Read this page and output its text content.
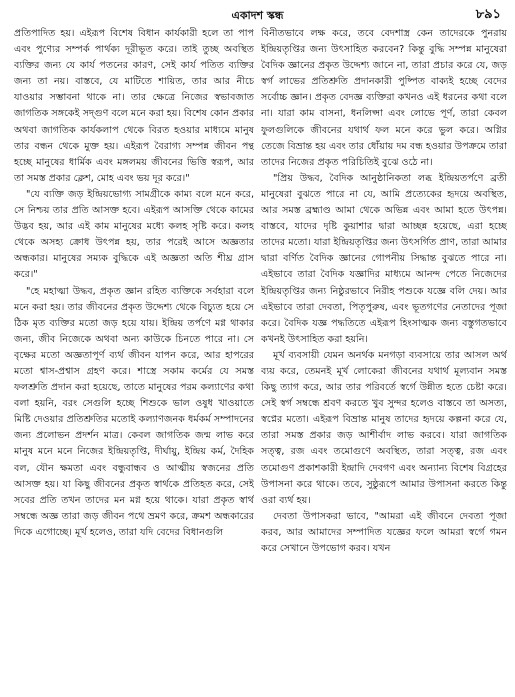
একাদশ স্কন্ধ	৮৯১

প্রতিপাদিত হয়। এইরূপ বিশেষ বিধান কার্যকারী হলে তা পাপ এবং পুণ্যের সম্পর্ক পার্থক্য দূরীভূত করে। তাই তুচ্ছ অবস্থিত ব্যক্তির জন্য যে কার্য পতনের কারণ, সেই কার্য পতিত ব্যক্তির জন্য তা নয়। বাস্তবে, যে মাটিতে শায়িত, তার আর নীচে যাওয়ার সম্ভাবনা থাকে না। তার ক্ষেত্রে নিজের স্বভাবজাত জাগতিক সঙ্গকেই সদ্গুণ বলে মনে করা হয়। বিশেষ কোন প্রকার অথবা জাগতিক কার্যকলাপ থেকে বিরত হওয়ার মাধ্যমে মানুষ তার বন্ধন থেকে মুক্ত হয়। এইরূপ বৈরাগ্য সম্পন্ন জীবন পন্থ হচ্ছে মানুষের ধার্মিক এবং মঙ্গলময় জীবনের ভিত্তি স্বরূপ, আর তা সমস্ত প্রকার ক্লেশ, মোহ এবং ভয় দূর করে।"

"যে ব্যক্তি জড় ইন্দ্রিয়ভোগ্য সামগ্রীকে কাম্য বলে মনে করে, সে নিশ্চয় তার প্রতি আসক্ত হবে। এইরূপ আসক্তি থেকে কামের উদ্ভব হয়, আর এই কাম মানুষের মধ্যে কলহ সৃষ্টি করে। কলহ থেকে অসহ্য ক্রোধ উৎপন্ন হয়, তার পরেই আসে অজ্ঞতার অন্ধকার। মানুষের সম্যক বুদ্ধিকে এই অজ্ঞতা অতি শীঘ্র গ্রাস করে।"

"হে মহাত্মা উদ্ধব, প্রকৃত জ্ঞান রহিত ব্যক্তিকে সর্বহারা বলে মনে করা হয়। তার জীবনের প্রকৃত উদ্দেশ্য থেকে বিচ্যুত হয়ে সে ঠিক মৃত ব্যক্তির মতো জড় হয়ে যায়। ইন্দ্রিয় তর্পণে মগ্ন থাকার জন্য, জীব নিজেকে অথবা অন্য কাউকে চিনতে পারে না। সে বৃক্ষের মতো অজ্ঞতাপূর্ণ ব্যর্থ জীবন যাপন করে, আর হাপরের মতো শ্বাস-প্রশ্বাস গ্রহণ করে। শাস্ত্রে সকাম কর্মের যে সমস্ত ফলশ্রুতি প্রদান করা হয়েছে, তাতে মানুষের পরম কল্যাণের কথা বলা হয়নি, বরং সেগুলি হচ্ছে শিশুকে ভাল ওষুধ খাওয়াতে মিষ্টি দেওয়ার প্রতিশ্রুতির মতোই কল্যাণজনক ধর্মকর্ম সম্পাদনের জন্য প্রলোভন প্রদর্শন মাত্র। কেবল জাগতিক জন্ম লাভ করে মানুষ মনে মনে নিজের ইন্দ্রিয়তৃপ্তি, দীর্ঘায়ু, ইন্দ্রিয় কর্ম, দৈহিক বল, যৌন ক্ষমতা এবং বন্ধুবান্ধব ও আত্মীয় স্বজনের প্রতি আসক্ত হয়। যা কিছু জীবনের প্রকৃত স্বার্থকে প্রতিহত করে, সেই সবের প্রতি তখন তাদের মন মগ্ন হয়ে থাকে। যারা প্রকৃত স্বার্থ সম্বন্ধে অজ্ঞ তারা জড় জীবন পথে ভ্রমণ করে, ক্রমশ অন্ধকারের দিকে এগোচ্ছে। মূর্খ হলেও, তারা যদি বেদের বিধানগুলি

বিনীতভাবে লক্ষ করে, তবে বেদশাস্ত্র কেন তাদেরকে পুনরায় ইন্দ্রিয়তৃপ্তির জন্য উৎসাহিত করবেন? কিন্তু বুদ্ধি সম্পন্ন মানুষেরা বৈদিক জ্ঞানের প্রকৃত উদ্দেশ্য জানে না, তারা প্রচার করে যে, জড় স্বর্গ লাভের প্রতিশ্রুতি প্রদানকারী পুষ্পিত বাক্যই হচ্ছে বেদের সর্বোচ্চ জ্ঞান। প্রকৃত বেদজ্ঞ ব্যক্তিরা কখনও এই ধরনের কথা বলে না। যারা কাম বাসনা, ধনলিপ্সা এবং লোভে পূর্ণ, তারা কেবল ফুলগুলিকে জীবনের যথার্থ ফল মনে করে ভুল করে। অগ্নির তেজে বিভ্রান্ত হয় এবং তার ধোঁয়ায় দম বন্ধ হওয়ার উপক্রমে তারা তাদের নিজের প্রকৃত পরিচিতিই বুঝে ওঠে না।

"প্রিয় উদ্ধব, বৈদিক আনুষ্ঠানিকতা লব্ধ ইন্দ্রিয়তর্পণে ব্রতী মানুষেরা বুঝতে পারে না যে, আমি প্রত্যেকের হৃদয়ে অবস্থিত, আর সমস্ত ব্রহ্মাণ্ড আমা থেকে অভিন্ন এবং আমা হতে উৎপন্ন। বাস্তবে, যাদের দৃষ্টি কুয়াশার দ্বারা আচ্ছন্ন হয়েছে, এরা হচ্ছে তাদের মতো। যারা ইন্দ্রিয়তৃপ্তির জন্য উৎসর্গিত প্রাণ, তারা আমার দ্বারা বর্ণিত বৈদিক জ্ঞানের গোপনীয় সিদ্ধান্ত বুঝতে পারে না। এইভাবে তারা বৈদিক যজ্ঞাদির মাধ্যমে আনন্দ পেতে নিজেদের ইন্দ্রিয়তৃপ্তির জন্য নিষ্ঠুরভাবে নিরীহ পশুকে যজ্ঞে বলি দেয়। আর এইভাবে তারা দেবতা, পিতৃপুরুষ, এবং ভূতগণের নেতাদের পূজা করে। বৈদিক যজ্ঞ পদ্ধতিতে এইরূপ হিংসাত্মক জন্য বস্তুগতভাবে কখনই উৎসাহিত করা হয়নি।

মূর্খ ব্যবসায়ী যেমন অনর্থক মনগড়া ব্যবসায়ে তার আসল অর্থ ব্যয় করে, তেমনই মূর্খ লোকেরা জীবনের যথার্থ মূল্যবান সমস্ত কিছু ত্যাগ করে, আর তার পরিবর্তে স্বর্গে উন্নীত হতে চেষ্টা করে। সেই স্বর্গ সম্বন্ধে শ্রবণ করতে খুব সুন্দর হলেও বাস্তবে তা অসত্য, স্বপ্নের মতো। এইরূপ বিভ্রান্ত মানুষ তাদের হৃদয়ে কল্পনা করে যে, তারা সমস্ত প্রকার জড় আশীর্বাদ লাভ করবে। যারা জাগতিক সত্ত্ব, রজ এবং তমোগুণে অবস্থিত, তারা সত্ত্ব, রজ এবং তমোগুণ প্রকাশকারী ইন্দ্রাদি দেবগণ এবং অন্যান্য বিশেষ বিগ্রহের উপাসনা করে থাকে। তবে, সুষ্ঠুরূপে আমার উপাসনা করতে কিন্তু ওরা ব্যর্থ হয়।

দেবতা উপাসকরা ভাবে, "আমরা এই জীবনে দেবতা পূজা করব, আর আমাদের সম্পাদিত যজ্ঞের ফলে আমরা স্বর্গে গমন করে সেখানে উপভোগ করব। যখন
